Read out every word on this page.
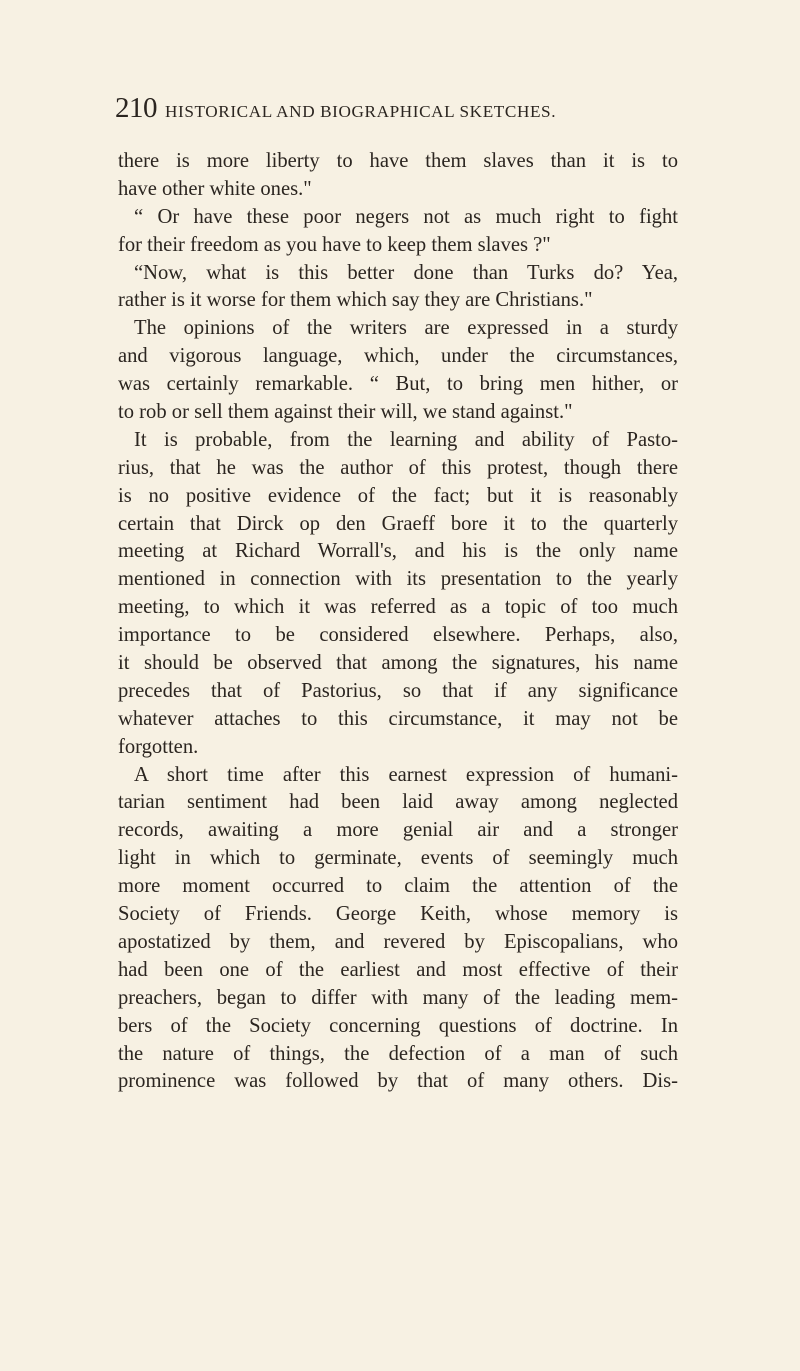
210 HISTORICAL AND BIOGRAPHICAL SKETCHES.
there is more liberty to have them slaves than it is to
have other white ones."
“ Or have these poor negers not as much right to fight
for their freedom as you have to keep them slaves ?"
“Now, what is this better done than Turks do? Yea,
rather is it worse for them which say they are Christians."
The opinions of the writers are expressed in a sturdy
and vigorous language, which, under the circumstances,
was certainly remarkable. “ But, to bring men hither, or
to rob or sell them against their will, we stand against."
It is probable, from the learning and ability of Pasto-
rius, that he was the author of this protest, though there
is no positive evidence of the fact; but it is reasonably
certain that Dirck op den Graeff bore it to the quarterly
meeting at Richard Worrall's, and his is the only name
mentioned in connection with its presentation to the yearly
meeting, to which it was referred as a topic of too much
importance to be considered elsewhere. Perhaps, also,
it should be observed that among the signatures, his name
precedes that of Pastorius, so that if any significance
whatever attaches to this circumstance, it may not be
forgotten.
A short time after this earnest expression of humani-
tarian sentiment had been laid away among neglected
records, awaiting a more genial air and a stronger
light in which to germinate, events of seemingly much
more moment occurred to claim the attention of the
Society of Friends. George Keith, whose memory is
apostatized by them, and revered by Episcopalians, who
had been one of the earliest and most effective of their
preachers, began to differ with many of the leading mem-
bers of the Society concerning questions of doctrine. In
the nature of things, the defection of a man of such
prominence was followed by that of many others. Dis-
